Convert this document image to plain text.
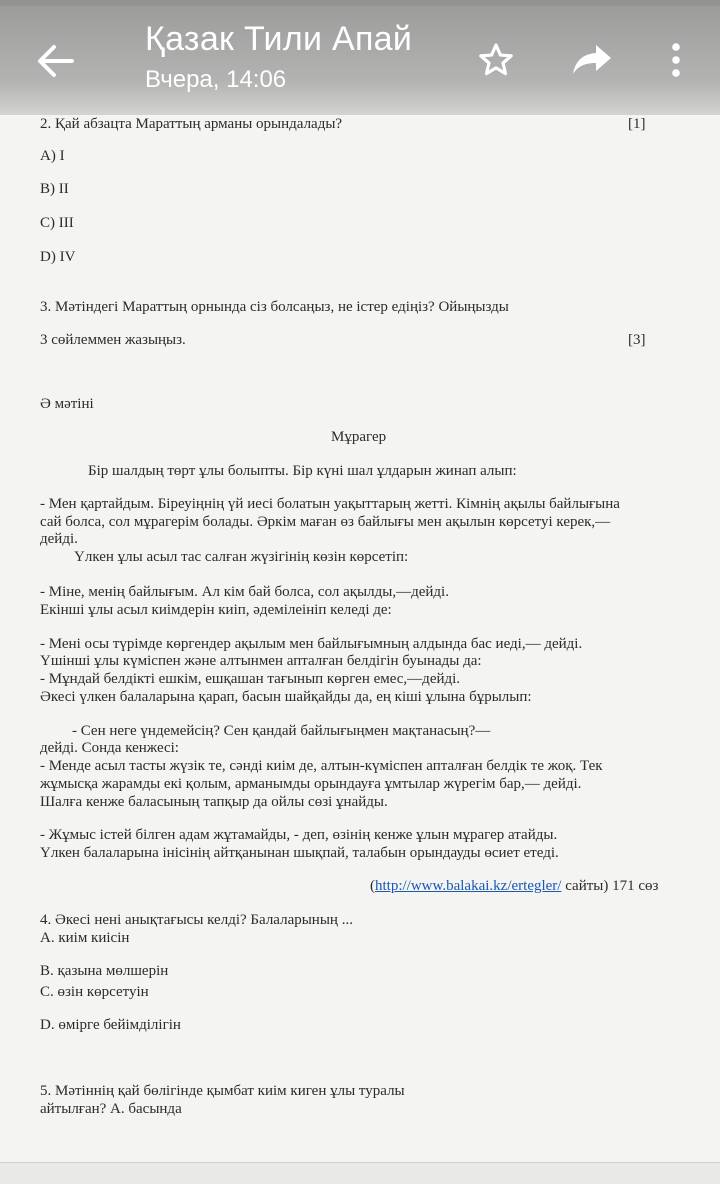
2. Қай абзацта Мараттың арманы орындалады?	[1]
A) I
B) II
C) III
D) IV
3. Мәтіндегі Мараттың орнында сіз болсаңыз, не істер едіңіз? Ойыңызды
3 сөйлеммен жазыңыз.	[3]
Ә мәтіні
Мұрагер
Бір шалдың төрт ұлы болыпты. Бір күні шал ұлдарын жинап алып:
- Мен қартайдым. Біреуіңнің үй иесі болатын уақыттарың жетті. Кімнің ақылы байлығына
сай болса, сол мұрагерім болады. Әркім маған өз байлығы мен ақылын көрсетуі керек,—
дейді.
Үлкен ұлы асыл тас салған жүзігінің көзін көрсетіп:
- Міне, менің байлығым. Ал кім бай болса, сол ақылды,—дейді.
Екінші ұлы асыл киімдерін киіп, әдемілеініп келеді де:
- Мені осы түрімде көргендер ақылым мен байлығымның алдында бас иеді,— дейді.
Үшінші ұлы күміспен және алтынмен апталған белдігін буынады да:
- Мұндай белдікті ешкім, ешқашан тағынып көрген емес,—дейді.
Әкесі үлкен балаларына қарап, басын шайқайды да, ең кіші ұлына бұрылып:
- Сен неге үндемейсің? Сен қандай байлығыңмен мақтанасың?—
дейді. Сонда кенжесі:
- Менде асыл тасты жүзік те, сәнді киім де, алтын-күміспен апталған белдік те жоқ. Тек
жұмысқа жарамды екі қолым, арманымды орындауға ұмтылар жүрегім бар,— дейді.
Шалға кенже баласының тапқыр да ойлы сөзі ұнайды.
- Жұмыс істей білген адам жұтамайды, - деп, өзінің кенже ұлын мұрагер атайды.
Үлкен балаларына інісінің айтқанынан шықпай, талабын орындауды өсиет етеді.
(http://www.balakai.kz/ertegler/ сайты) 171 сөз
4. Әкесі нені анықтағысы келді? Балаларының ...
А. киім киісін
В. қазына мөлшерін
С. өзін көрсетуін
D. өмірге бейімділігін
5. Мәтіннің қай бөлігінде қымбат киім киген ұлы туралы
айтылған? А. басында
Қазак Тили Апай
Вчера, 14:06
